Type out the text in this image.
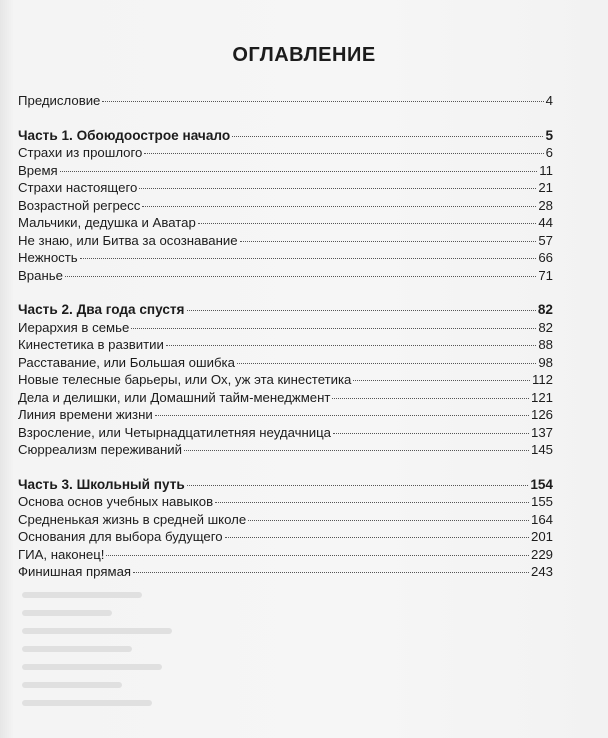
ОГЛАВЛЕНИЕ
Предисловие	4
Часть 1. Обоюдоострое начало	5
Страхи из прошлого	6
Время	11
Страхи настоящего	21
Возрастной регресс	28
Мальчики, дедушка и Аватар	44
Не знаю, или Битва за осознавание	57
Нежность	66
Вранье	71
Часть 2. Два года спустя	82
Иерархия в семье	82
Кинестетика в развитии	88
Расставание, или Большая ошибка	98
Новые телесные барьеры, или Ох, уж эта кинестетика	112
Дела и делишки, или Домашний тайм-менеджмент	121
Линия времени жизни	126
Взросление, или Четырнадцатилетняя неудачница	137
Сюрреализм переживаний	145
Часть 3. Школьный путь	154
Основа основ учебных навыков	155
Средненькая жизнь в средней школе	164
Основания для выбора будущего	201
ГИА, наконец!	229
Финишная прямая	243
